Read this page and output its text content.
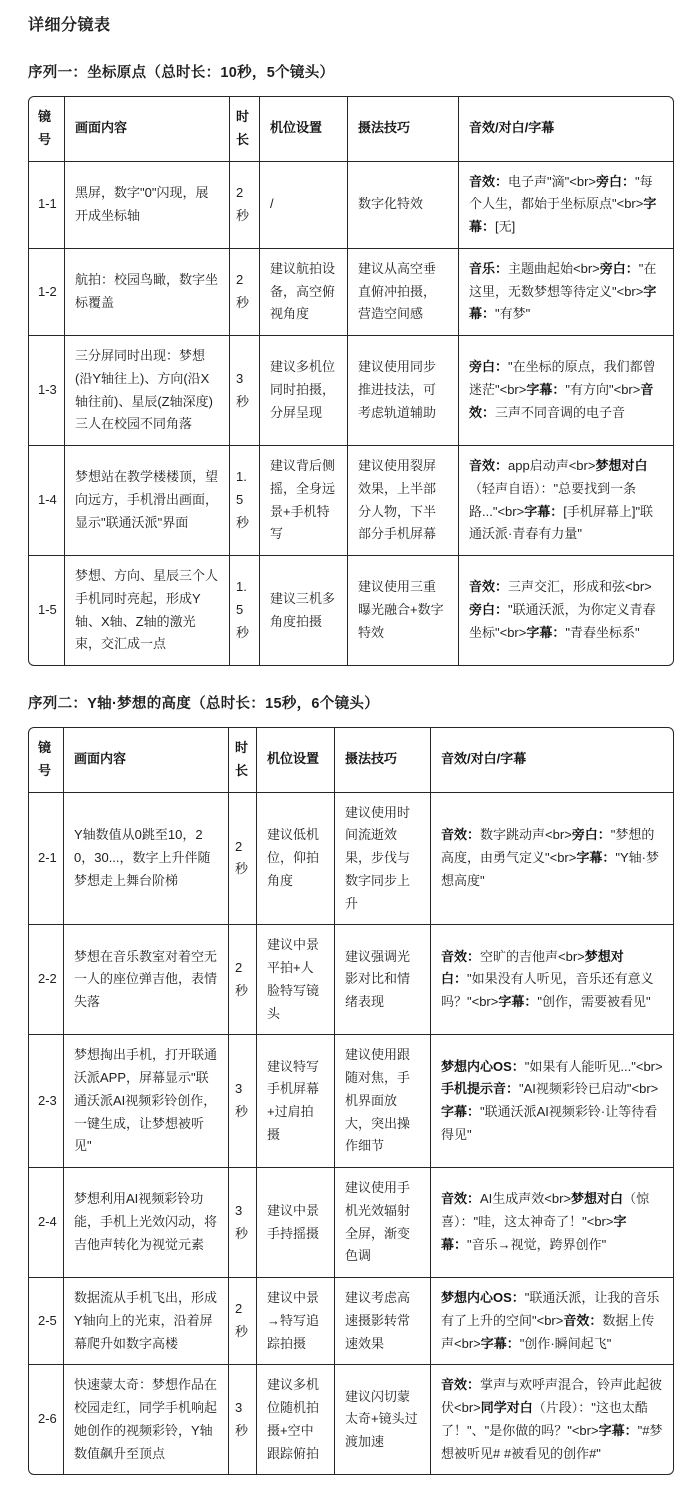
详细分镜表
序列一：坐标原点（总时长：10秒，5个镜头）
镜号	画面内容	时长	机位设置	摄法技巧	音效/对白/字幕
1-1	黑屏，数字"0"闪现，展开成坐标轴	2秒	/	数字化特效	音效：电子声"滴"<br>旁白："每个人生，都始于坐标原点"<br>字幕：[无]
1-2	航拍：校园鸟瞰，数字坐标覆盖	2秒	建议航拍设备，高空俯视角度	建议从高空垂直俯冲拍摄，营造空间感	音乐：主题曲起始<br>旁白："在这里，无数梦想等待定义"<br>字幕："有梦"
1-3	三分屏同时出现：梦想(沿Y轴往上)、方向(沿X轴往前)、星辰(Z轴深度)三人在校园不同角落	3秒	建议多机位同时拍摄，分屏呈现	建议使用同步推进技法，可考虑轨道辅助	旁白："在坐标的原点，我们都曾迷茫"<br>字幕："有方向"<br>音效：三声不同音调的电子音
1-4	梦想站在教学楼楼顶，望向远方，手机滑出画面，显示"联通沃派"界面	1.5秒	建议背后侧摇，全身远景+手机特写	建议使用裂屏效果，上半部分人物，下半部分手机屏幕	音效：app启动声<br>梦想对白（轻声自语）："总要找到一条路..."<br>字幕：[手机屏幕上]"联通沃派·青春有力量"
1-5	梦想、方向、星辰三个人手机同时亮起，形成Y轴、X轴、Z轴的激光束，交汇成一点	1.5秒	建议三机多角度拍摄	建议使用三重曝光融合+数字特效	音效：三声交汇，形成和弦<br>旁白："联通沃派，为你定义青春坐标"<br>字幕："青春坐标系"
序列二：Y轴·梦想的高度（总时长：15秒，6个镜头）
镜号	画面内容	时长	机位设置	摄法技巧	音效/对白/字幕
2-1	Y轴数值从0跳至10，20，30...，数字上升伴随梦想走上舞台阶梯	2秒	建议低机位，仰拍角度	建议使用时间流逝效果，步伐与数字同步上升	音效：数字跳动声<br>旁白："梦想的高度，由勇气定义"<br>字幕："Y轴·梦想高度"
2-2	梦想在音乐教室对着空无一人的座位弹吉他，表情失落	2秒	建议中景平拍+人脸特写镜头	建议强调光影对比和情绪表现	音效：空旷的吉他声<br>梦想对白："如果没有人听见，音乐还有意义吗？"<br>字幕："创作，需要被看见"
2-3	梦想掏出手机，打开联通沃派APP，屏幕显示"联通沃派AI视频彩铃创作，一键生成，让梦想被听见"	3秒	建议特写手机屏幕+过肩拍摄	建议使用跟随对焦，手机界面放大，突出操作细节	梦想内心OS："如果有人能听见..."<br>手机提示音："AI视频彩铃已启动"<br>字幕："联通沃派AI视频彩铃·让等待看得见"
2-4	梦想利用AI视频彩铃功能，手机上光效闪动，将吉他声转化为视觉元素	3秒	建议中景手持摇摄	建议使用手机光效辐射全屏，渐变色调	音效：AI生成声效<br>梦想对白（惊喜）："哇，这太神奇了！"<br>字幕："音乐→视觉，跨界创作"
2-5	数据流从手机飞出，形成Y轴向上的光束，沿着屏幕爬升如数字高楼	2秒	建议中景→特写追踪拍摄	建议考虑高速摄影转常速效果	梦想内心OS："联通沃派，让我的音乐有了上升的空间"<br>音效：数据上传声<br>字幕："创作·瞬间起飞"
2-6	快速蒙太奇：梦想作品在校园走红，同学手机响起她创作的视频彩铃，Y轴数值飙升至顶点	3秒	建议多机位随机拍摄+空中跟踪俯拍	建议闪切蒙太奇+镜头过渡加速	音效：掌声与欢呼声混合，铃声此起彼伏<br>同学对白（片段）："这也太酷了！"、"是你做的吗？"<br>字幕："#梦想被听见# #被看见的创作#"
